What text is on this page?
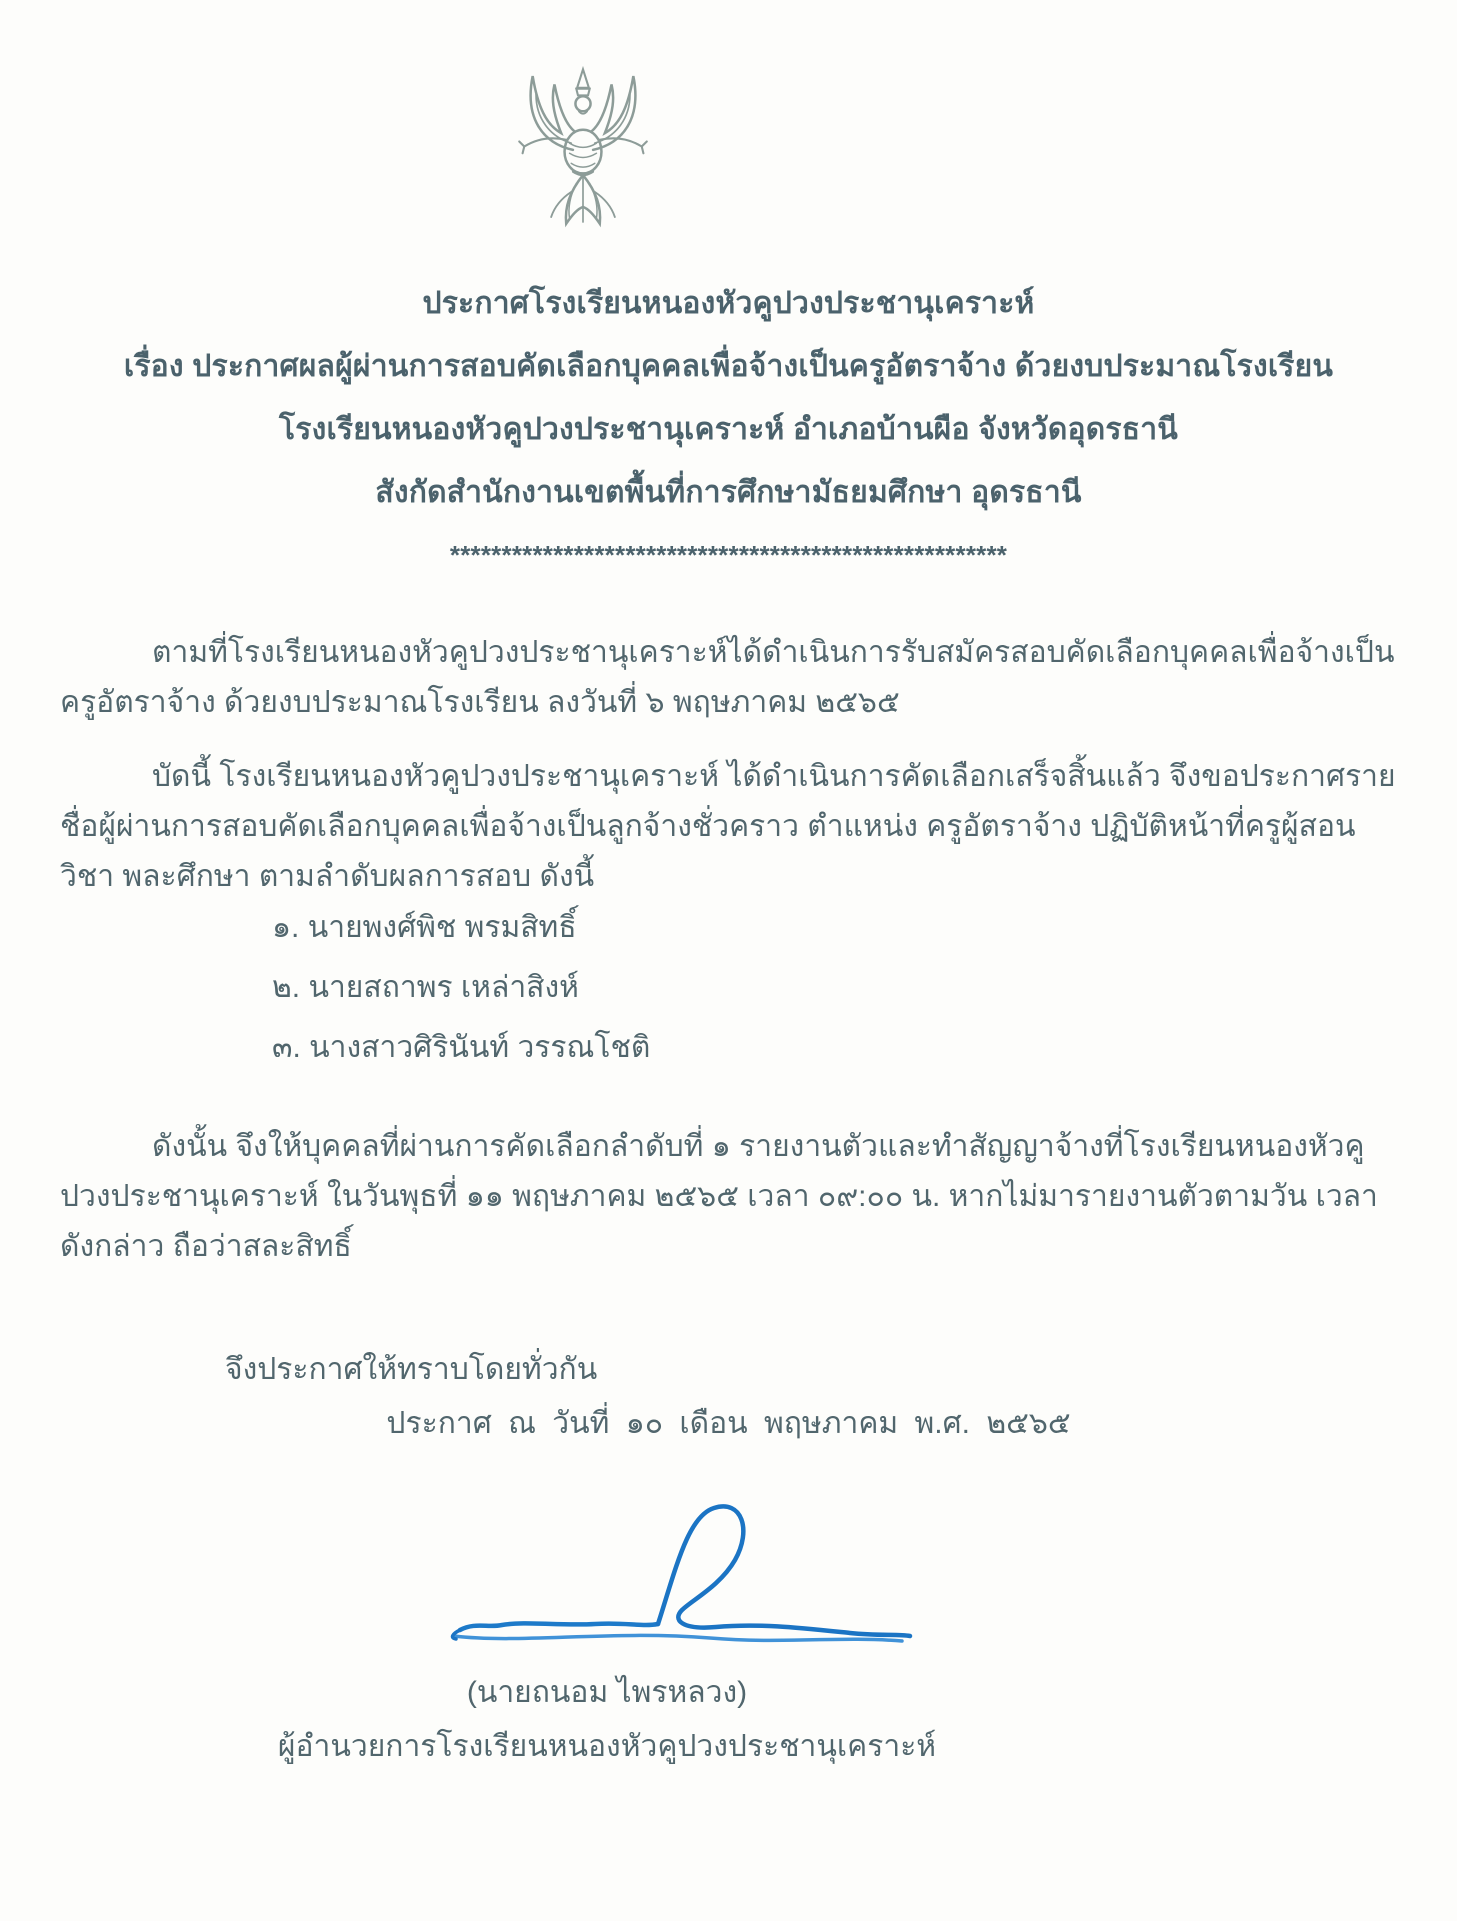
ประกาศโรงเรียนหนองหัวคูปวงประชานุเคราะห์
เรื่อง ประกาศผลผู้ผ่านการสอบคัดเลือกบุคคลเพื่อจ้างเป็นครูอัตราจ้าง ด้วยงบประมาณโรงเรียน
โรงเรียนหนองหัวคูปวงประชานุเคราะห์ อำเภอบ้านผือ จังหวัดอุดรธานี
สังกัดสำนักงานเขตพื้นที่การศึกษามัธยมศึกษา อุดรธานี
******************************************************

ตามที่โรงเรียนหนองหัวคูปวงประชานุเคราะห์ได้ดำเนินการรับสมัครสอบคัดเลือกบุคคลเพื่อจ้างเป็นครูอัตราจ้าง ด้วยงบประมาณโรงเรียน ลงวันที่ ๖ พฤษภาคม ๒๕๖๕

บัดนี้ โรงเรียนหนองหัวคูปวงประชานุเคราะห์ ได้ดำเนินการคัดเลือกเสร็จสิ้นแล้ว จึงขอประกาศรายชื่อผู้ผ่านการสอบคัดเลือกบุคคลเพื่อจ้างเป็นลูกจ้างชั่วคราว ตำแหน่ง ครูอัตราจ้าง ปฏิบัติหน้าที่ครูผู้สอนวิชา พละศึกษา ตามลำดับผลการสอบ ดังนี้

๑. นายพงศ์พิช พรมสิทธิ์
๒. นายสถาพร เหล่าสิงห์
๓. นางสาวศิรินันท์ วรรณโชติ

ดังนั้น จึงให้บุคคลที่ผ่านการคัดเลือกลำดับที่ ๑ รายงานตัวและทำสัญญาจ้างที่โรงเรียนหนองหัวคูปวงประชานุเคราะห์ ในวันพุธที่ ๑๑ พฤษภาคม ๒๕๖๕ เวลา ๐๙:๐๐ น. หากไม่มารายงานตัวตามวัน เวลา ดังกล่าว ถือว่าสละสิทธิ์

จึงประกาศให้ทราบโดยทั่วกัน

ประกาศ ณ วันที่ ๑๐ เดือน พฤษภาคม พ.ศ. ๒๕๖๕
(นายถนอม ไพรหลวง)
ผู้อำนวยการโรงเรียนหนองหัวคูปวงประชานุเคราะห์
